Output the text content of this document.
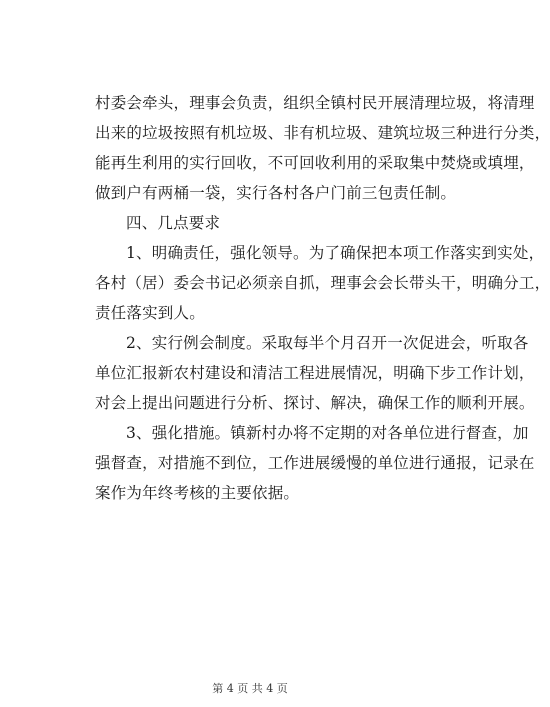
村委会牵头，理事会负责，组织全镇村民开展清理垃圾，将清理
出来的垃圾按照有机垃圾、非有机垃圾、建筑垃圾三种进行分类，
能再生利用的实行回收，不可回收利用的采取集中焚烧或填埋，
做到户有两桶一袋，实行各村各户门前三包责任制。

四、几点要求

1、明确责任，强化领导。为了确保把本项工作落实到实处，
各村（居）委会书记必须亲自抓，理事会会长带头干，明确分工，
责任落实到人。

2、实行例会制度。采取每半个月召开一次促进会，听取各
单位汇报新农村建设和清洁工程进展情况，明确下步工作计划，
对会上提出问题进行分析、探讨、解决，确保工作的顺利开展。

3、强化措施。镇新村办将不定期的对各单位进行督查，加
强督查，对措施不到位，工作进展缓慢的单位进行通报，记录在
案作为年终考核的主要依据。

第 4 页 共 4 页
